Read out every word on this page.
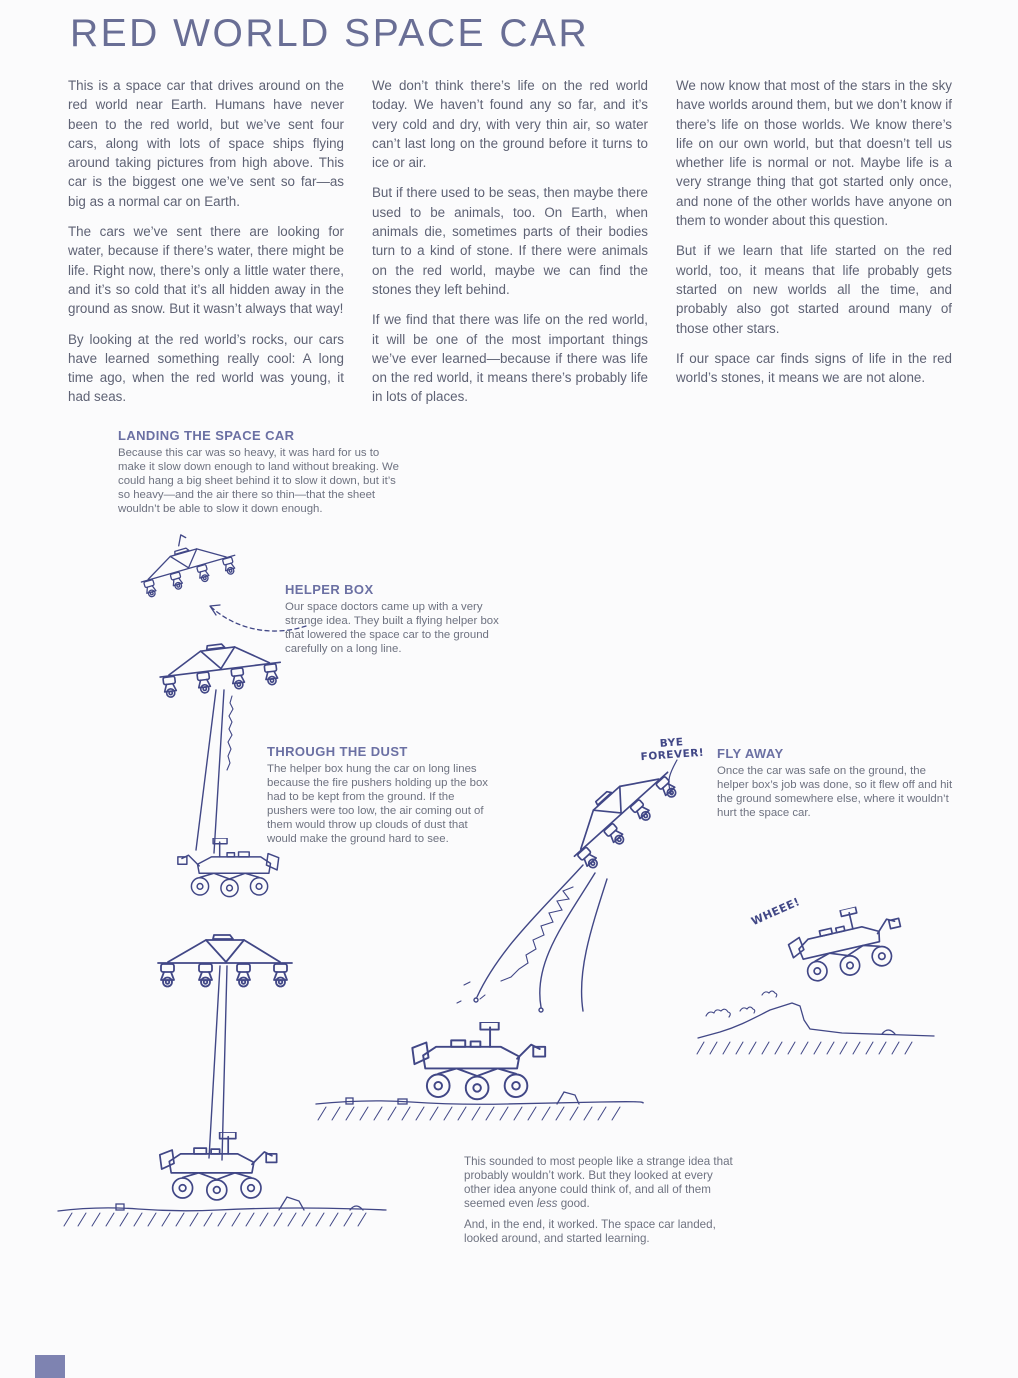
RED WORLD SPACE CAR

This is a space car that drives around on the red world near Earth. Humans have never been to the red world, but we’ve sent four cars, along with lots of space ships flying around taking pictures from high above. This car is the biggest one we’ve sent so far—as big as a normal car on Earth.

The cars we’ve sent there are looking for water, because if there’s water, there might be life. Right now, there’s only a little water there, and it’s so cold that it’s all hidden away in the ground as snow. But it wasn’t always that way!

By looking at the red world’s rocks, our cars have learned something really cool: A long time ago, when the red world was young, it had seas.

We don’t think there’s life on the red world today. We haven’t found any so far, and it’s very cold and dry, with very thin air, so water can’t last long on the ground before it turns to ice or air.

But if there used to be seas, then maybe there used to be animals, too. On Earth, when animals die, sometimes parts of their bodies turn to a kind of stone. If there were animals on the red world, maybe we can find the stones they left behind.

If we find that there was life on the red world, it will be one of the most important things we’ve ever learned—because if there was life on the red world, it means there’s probably life in lots of places.

We now know that most of the stars in the sky have worlds around them, but we don’t know if there’s life on those worlds. We know there’s life on our own world, but that doesn’t tell us whether life is normal or not. Maybe life is a very strange thing that got started only once, and none of the other worlds have anyone on them to wonder about this question.

But if we learn that life started on the red world, too, it means that life probably gets started on new worlds all the time, and probably also got started around many of those other stars.

If our space car finds signs of life in the red world’s stones, it means we are not alone.

LANDING THE SPACE CAR

Because this car was so heavy, it was hard for us to make it slow down enough to land without breaking. We could hang a big sheet behind it to slow it down, but it’s so heavy—and the air there so thin—that the sheet wouldn’t be able to slow it down enough.

HELPER BOX

Our space doctors came up with a very strange idea. They built a flying helper box that lowered the space car to the ground carefully on a long line.

THROUGH THE DUST

The helper box hung the car on long lines because the fire pushers holding up the box had to be kept from the ground. If the pushers were too low, the air coming out of them would throw up clouds of dust that would make the ground hard to see.

BYE
FOREVER! FLY AWAY

Once the car was safe on the ground, the helper box’s job was done, so it flew off and hit the ground somewhere else, where it wouldn’t hurt the space car.

WHEEE!

This sounded to most people like a strange idea that probably wouldn’t work. But they looked at every other idea anyone could think of, and all of them seemed even less good.

And, in the end, it worked. The space car landed, looked around, and started learning.
